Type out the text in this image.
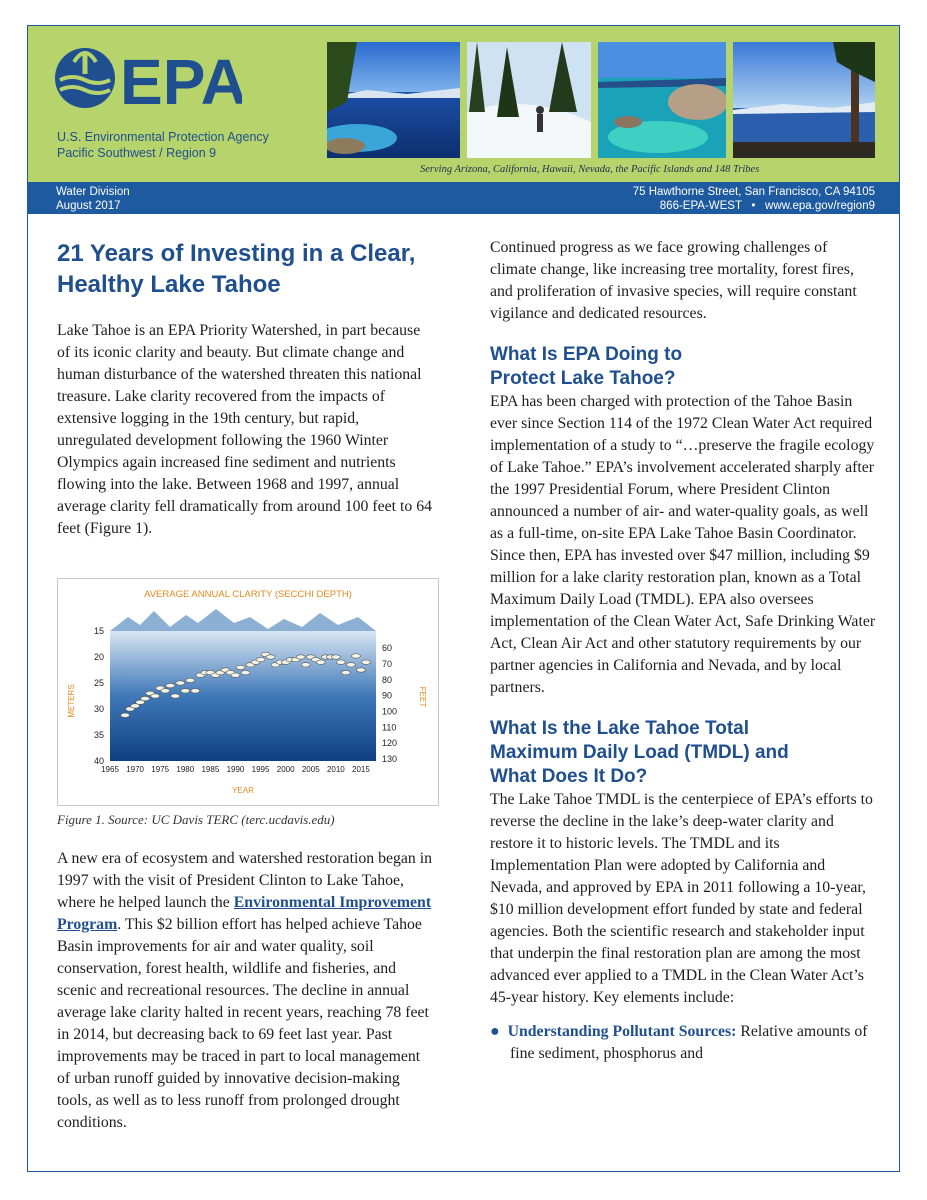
EPA
U.S. Environmental Protection Agency
Pacific Southwest / Region 9
Serving Arizona, California, Hawaii, Nevada, the Pacific Islands and 148 Tribes
Water Division
August 2017
75 Hawthorne Street, San Francisco, CA 94105
866-EPA-WEST • www.epa.gov/region9
21 Years of Investing in a Clear, Healthy Lake Tahoe

Lake Tahoe is an EPA Priority Watershed, in part because of its iconic clarity and beauty. But climate change and human disturbance of the watershed threaten this national treasure. Lake clarity recovered from the impacts of extensive logging in the 19th century, but rapid, unregulated development following the 1960 Winter Olympics again increased fine sediment and nutrients flowing into the lake. Between 1968 and 1997, annual average clarity fell dramatically from around 100 feet to 64 feet (Figure 1).

AVERAGE ANNUAL CLARITY (SECCHI DEPTH)
15
20
25
30
35
40
60
70
80
90
100
110
120
130
1965 1970 1975 1980 1985 1990 1995 2000 2005 2010 2015
METERS	FEET
YEAR
Figure 1. Source: UC Davis TERC (terc.ucdavis.edu)

A new era of ecosystem and watershed restoration began in 1997 with the visit of President Clinton to Lake Tahoe, where he helped launch the Environmental Improvement Program. This $2 billion effort has helped achieve Tahoe Basin improvements for air and water quality, soil conservation, forest health, wildlife and fisheries, and scenic and recreational resources. The decline in annual average lake clarity halted in recent years, reaching 78 feet in 2014, but decreasing back to 69 feet last year. Past improvements may be traced in part to local management of urban runoff guided by innovative decision-making tools, as well as to less runoff from prolonged drought conditions.

Continued progress as we face growing challenges of climate change, like increasing tree mortality, forest fires, and proliferation of invasive species, will require constant vigilance and dedicated resources.

What Is EPA Doing to Protect Lake Tahoe?

EPA has been charged with protection of the Tahoe Basin ever since Section 114 of the 1972 Clean Water Act required implementation of a study to “…preserve the fragile ecology of Lake Tahoe.” EPA’s involvement accelerated sharply after the 1997 Presidential Forum, where President Clinton announced a number of air- and water-quality goals, as well as a full-time, on-site EPA Lake Tahoe Basin Coordinator. Since then, EPA has invested over $47 million, including $9 million for a lake clarity restoration plan, known as a Total Maximum Daily Load (TMDL). EPA also oversees implementation of the Clean Water Act, Safe Drinking Water Act, Clean Air Act and other statutory requirements by our partner agencies in California and Nevada, and by local partners.

What Is the Lake Tahoe Total Maximum Daily Load (TMDL) and What Does It Do?

The Lake Tahoe TMDL is the centerpiece of EPA’s efforts to reverse the decline in the lake’s deep-water clarity and restore it to historic levels. The TMDL and its Implementation Plan were adopted by California and Nevada, and approved by EPA in 2011 following a 10-year, $10 million development effort funded by state and federal agencies. Both the scientific research and stakeholder input that underpin the final restoration plan are among the most advanced ever applied to a TMDL in the Clean Water Act’s 45-year history. Key elements include:

● Understanding Pollutant Sources: Relative amounts of fine sediment, phosphorus and
